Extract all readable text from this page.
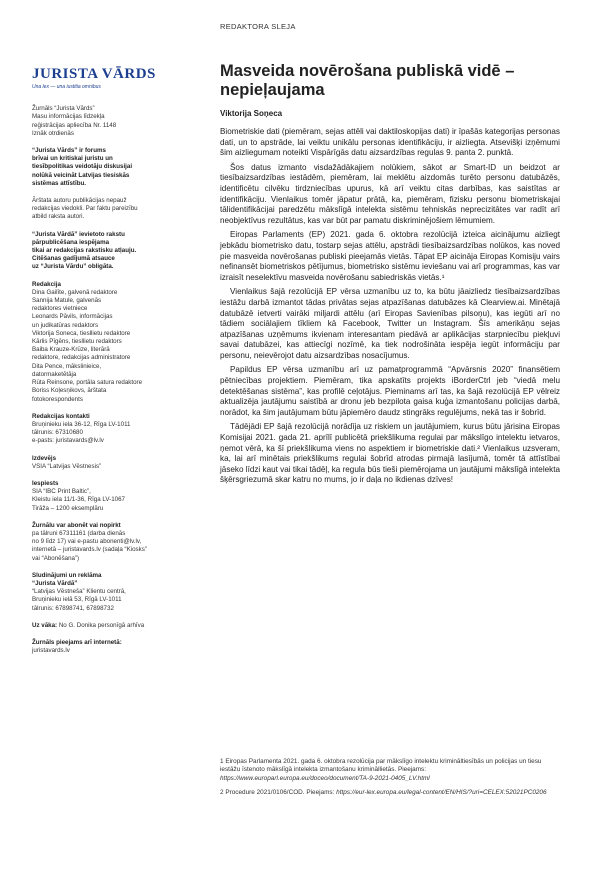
REDAKTORA SLEJA
JURISTA VĀRDS
Una lex — una iustitia omnibus
Žurnāls “Jurista Vārds”
Masu informācijas līdzekļa
reģistrācijas apliecība Nr. 1148
Iznāk otrdienās
“Jurista Vārds” ir forums
brīvai un kritiskai juristu un
tiesībpolitikas veidotāju diskusijai
nolūkā veicināt Latvijas tiesiskās
sistēmas attīstību.
Ārštata autoru publikācijas nepauž
redakcijas viedokli. Par faktu pareizību
atbild raksta autori.
“Jurista Vārdā” ievietoto rakstu
pārpublicēšana iespējama
tikai ar redakcijas rakstisku atļauju.
Citēšanas gadījumā atsauce
uz “Jurista Vārdu” obligāta.
Redakcija
Dina Gailīte, galvenā redaktore
Sannija Matule, galvenās
redaktores vietniece
Leonards Pāvils, informācijas
un judikatūras redaktors
Viktorija Soneca, tiesllietu redaktore
Kārlis Pīgēns, tiesllietu redaktors
Baiba Krauze-Krūze, literārā
redaktore, redakcijas administratore
Dita Pence, mākslinieice,
datormaketētāja
Rūta Reinsone, portāla satura redaktore
Boriss Koļesņikovs, ārštata
fotokorespondents
Redakcijas kontakti
Bruņinieku iela 36-12, Rīga LV-1011
tālrunis: 67310680
e-pasts: juristavards@lv.lv
Izdevējs
VSIA “Latvijas Vēstnesis”
Iespiests
SIA “IBC Print Baltic”,
Kleistu iela 11/1-36, Rīga LV-1067
Tirāža – 1200 eksemplāru
Žurnālu var abonēt vai nopirkt
pa tālruni 67311161 (darba dienās
no 9 līdz 17) vai e-pastu abonenti@lv.lv,
internetā – juristavards.lv (sadaļa “Kiosks”
vai “Abonēšana”)
Sludinājumi un reklāma
“Jurista Vārdā”
“Latvijas Vēstneša” Klientu centrā,
Bruņinieku ielā 53, Rīgā LV-1011
tālrunis: 67898741, 67898732
Uz vāka: No G. Donika personīgā arhīva
Žurnāls pieejams arī internetā:
juristavards.lv
Masveida novērošana publiskā vidē – nepieļaujama
Viktorija Soņeca

Biometriskie dati (piemēram, sejas attēli vai daktiloskopijas dati) ir īpašās kategorijas personas dati, un to apstrāde, lai veiktu unikālu personas identifikāciju, ir aizliegta. Atsevišķi izņēmumi šim aizliegumam noteikti Vispārīgās datu aizsardzības regulas 9. panta 2. punktā.

Šos datus izmanto visdažādākajiem nolūkiem, sākot ar Smart-ID un beidzot ar tiesībaizsardzības iestādēm, piemēram, lai meklētu aizdomās turēto personu datubāzēs, identificētu cilvēku tirdzniecības upurus, kā arī veiktu citas darbības, kas saistītas ar identifikāciju. Vienlaikus tomēr jāpatur prātā, ka, piemēram, fizisku personu biometriskajai tālidentifikācijai paredzētu mākslīgā intelekta sistēmu tehniskās neprecizitātes var radīt arī neobjektīvus rezultātus, kas var būt par pamatu diskriminējošiem lēmumiem.

Eiropas Parlaments (EP) 2021. gada 6. oktobra rezolūcijā izteica aicinājumu aizliegt jebkādu biometrisko datu, tostarp sejas attēlu, apstrādi tiesībaizsardzības nolūkos, kas noved pie masveida novērošanas publiski pieejamās vietās. Tāpat EP aicināja Eiropas Komisiju vairs nefinansēt biometriskos pētījumus, biometrisko sistēmu ieviešanu vai arī programmas, kas var izraisīt neselektīvu masveida novērošanu sabiedriskās vietās.¹

Vienlaikus šajā rezolūcijā EP vērsa uzmanību uz to, ka būtu jāaizliedz tiesībaizsardzības iestāžu darbā izmantot tādas privātas sejas atpazīšanas datubāzes kā Clearview.ai. Minētajā datubāzē ietverti vairāki miljardi attēlu (arī Eiropas Savienības pilsoņu), kas iegūti arī no tādiem sociālajiem tīkliem kā Facebook, Twitter un Instagram. Šīs amerikāņu sejas atpazīšanas uzņēmums ikvienam interesantam piedāvā ar aplikācijas starpniecību piekļuvi savai datubāzei, kas attiecīgi nozīmē, ka tiek nodrošināta iespēja iegūt informāciju par personu, neievērojot datu aizsardzības nosacījumus.

Papildus EP vērsa uzmanību arī uz pamatprogrammā “Apvārsnis 2020” finansētiem pētniecības projektiem. Piemēram, tika apskatīts projekts iBorderCtrl jeb “viedā melu detektēšanas sistēma”, kas profilē ceļotājus. Pieminams arī tas, ka šajā rezolūcijā EP vēlreiz aktualizēja jautājumu saistībā ar dronu jeb bezpilota gaisa kuģa izmantošanu policijas darbā, norādot, ka šim jautājumam būtu jāpiemēro daudz stingrāks regulējums, nekā tas ir šobrīd.

Tādējādi EP šajā rezolūcijā norādīja uz riskiem un jautājumiem, kurus būtu jārisina Eiropas Komisijai 2021. gada 21. aprīlī publicētā priekšlikuma regulai par mākslīgo intelektu ietvaros, ņemot vērā, ka šī priekšlikuma viens no aspektiem ir biometriskie dati.² Vienlaikus uzsveram, ka, lai arī minētais priekšlikums regulai šobrīd atrodas pirmajā lasījumā, tomēr tā attīstībai jāseko līdzi kaut vai tikai tādēļ, ka regula būs tieši piemērojama un jautājumi mākslīgā intelekta šķērsgriezumā skar katru no mums, jo ir daļa no ikdienas dzīves!

1 Eiropas Parlamenta 2021. gada 6. oktobra rezolūcija par mākslīgo intelektu krimināltiesībās un policijas un tiesu iestāžu īstenoto mākslīgā intelekta izmantošanu krimināllietās. Pieejams: https://www.europarl.europa.eu/doceo/document/TA-9-2021-0405_LV.html

2 Procedure 2021/0106/COD. Pieejams: https://eur-lex.europa.eu/legal-content/EN/HIS/?uri=CELEX:52021PC0206
